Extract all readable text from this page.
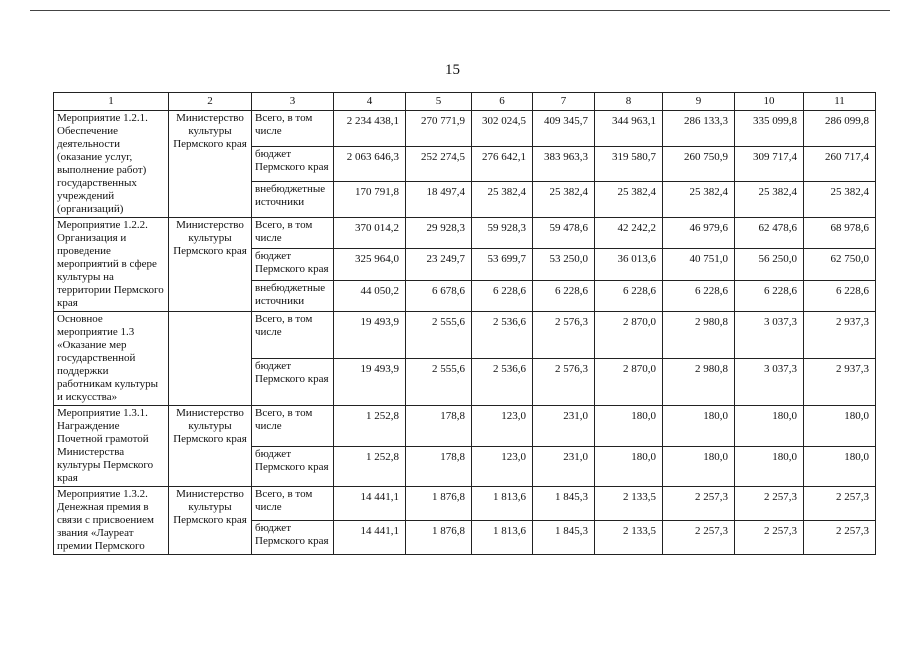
15
1	2	3	4	5	6	7	8	9	10	11
Мероприятие 1.2.1. Обеспечение деятельности (оказание услуг, выполнение работ) государственных учреждений (организаций)	Министерство культуры Пермского края	Всего, в том числе	2 234 438,1	270 771,9	302 024,5	409 345,7	344 963,1	286 133,3	335 099,8	286 099,8
		бюджет Пермского края	2 063 646,3	252 274,5	276 642,1	383 963,3	319 580,7	260 750,9	309 717,4	260 717,4
		внебюджетные источники	170 791,8	18 497,4	25 382,4	25 382,4	25 382,4	25 382,4	25 382,4	25 382,4
Мероприятие 1.2.2. Организация и проведение мероприятий в сфере культуры на территории Пермского края	Министерство культуры Пермского края	Всего, в том числе	370 014,2	29 928,3	59 928,3	59 478,6	42 242,2	46 979,6	62 478,6	68 978,6
		бюджет Пермского края	325 964,0	23 249,7	53 699,7	53 250,0	36 013,6	40 751,0	56 250,0	62 750,0
		внебюджетные источники	44 050,2	6 678,6	6 228,6	6 228,6	6 228,6	6 228,6	6 228,6	6 228,6
Основное мероприятие 1.3 «Оказание мер государственной поддержки работникам культуры и искусства»		Всего, в том числе	19 493,9	2 555,6	2 536,6	2 576,3	2 870,0	2 980,8	3 037,3	2 937,3
		бюджет Пермского края	19 493,9	2 555,6	2 536,6	2 576,3	2 870,0	2 980,8	3 037,3	2 937,3
Мероприятие 1.3.1. Награждение Почетной грамотой Министерства культуры Пермского края	Министерство культуры Пермского края	Всего, в том числе	1 252,8	178,8	123,0	231,0	180,0	180,0	180,0	180,0
		бюджет Пермского края	1 252,8	178,8	123,0	231,0	180,0	180,0	180,0	180,0
Мероприятие 1.3.2. Денежная премия в связи с присвоением звания «Лауреат премии Пермского	Министерство культуры Пермского края	Всего, в том числе	14 441,1	1 876,8	1 813,6	1 845,3	2 133,5	2 257,3	2 257,3	2 257,3
		бюджет Пермского края	14 441,1	1 876,8	1 813,6	1 845,3	2 133,5	2 257,3	2 257,3	2 257,3
